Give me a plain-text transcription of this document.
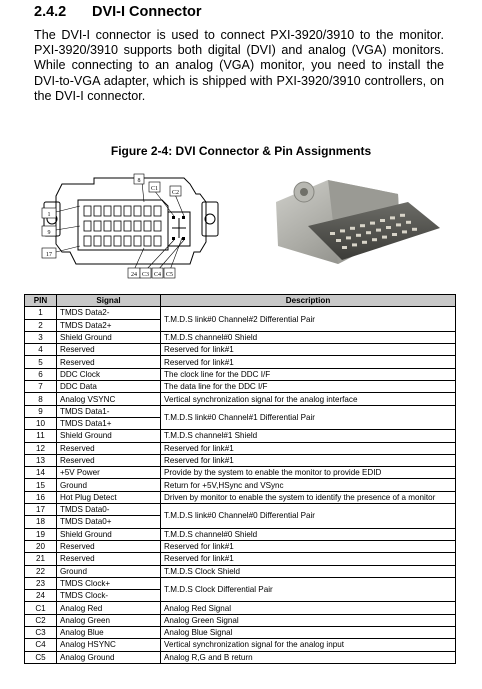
2.4.2 DVI-I Connector
The DVI-I connector is used to connect PXI-3920/3910 to the monitor. PXI-3920/3910 supports both digital (DVI) and analog (VGA) monitors. While connecting to an analog (VGA) monitor, you need to install the DVI-to-VGA adapter, which is shipped with PXI-3920/3910 controllers, on the DVI-I connector.
Figure 2-4: DVI Connector & Pin Assignments
8
C1
C2
1
9
17
24 C3 C4 C5
PIN	Signal	Description
1	TMDS Data2-	T.M.D.S link#0 Channel#2 Differential Pair
2	TMDS Data2+	
3	Shield Ground	T.M.D.S channel#0 Shield
4	Reserved	Reserved for link#1
5	Reserved	Reserved for link#1
6	DDC Clock	The clock line for the DDC I/F
7	DDC Data	The data line for the DDC I/F
8	Analog VSYNC	Vertical synchronization signal for the analog interface
9	TMDS Data1-	T.M.D.S link#0 Channel#1 Differential Pair
10	TMDS Data1+	
11	Shield Ground	T.M.D.S channel#1 Shield
12	Reserved	Reserved for link#1
13	Reserved	Reserved for link#1
14	+5V Power	Provide by the system to enable the monitor to provide EDID
15	Ground	Return for +5V,HSync and VSync
16	Hot Plug Detect	Driven by monitor to enable the system to identify the presence of a monitor
17	TMDS Data0-	T.M.D.S link#0 Channel#0 Differential Pair
18	TMDS Data0+	
19	Shield Ground	T.M.D.S channel#0 Shield
20	Reserved	Reserved for link#1
21	Reserved	Reserved for link#1
22	Ground	T.M.D.S Clock Shield
23	TMDS Clock+	T.M.D.S Clock Differential Pair
24	TMDS Clock-	
C1	Analog Red	Analog Red Signal
C2	Analog Green	Analog Green Signal
C3	Analog Blue	Analog Blue Signal
C4	Analog HSYNC	Vertical synchronization signal for the analog input
C5	Analog Ground	Analog R,G and B return
